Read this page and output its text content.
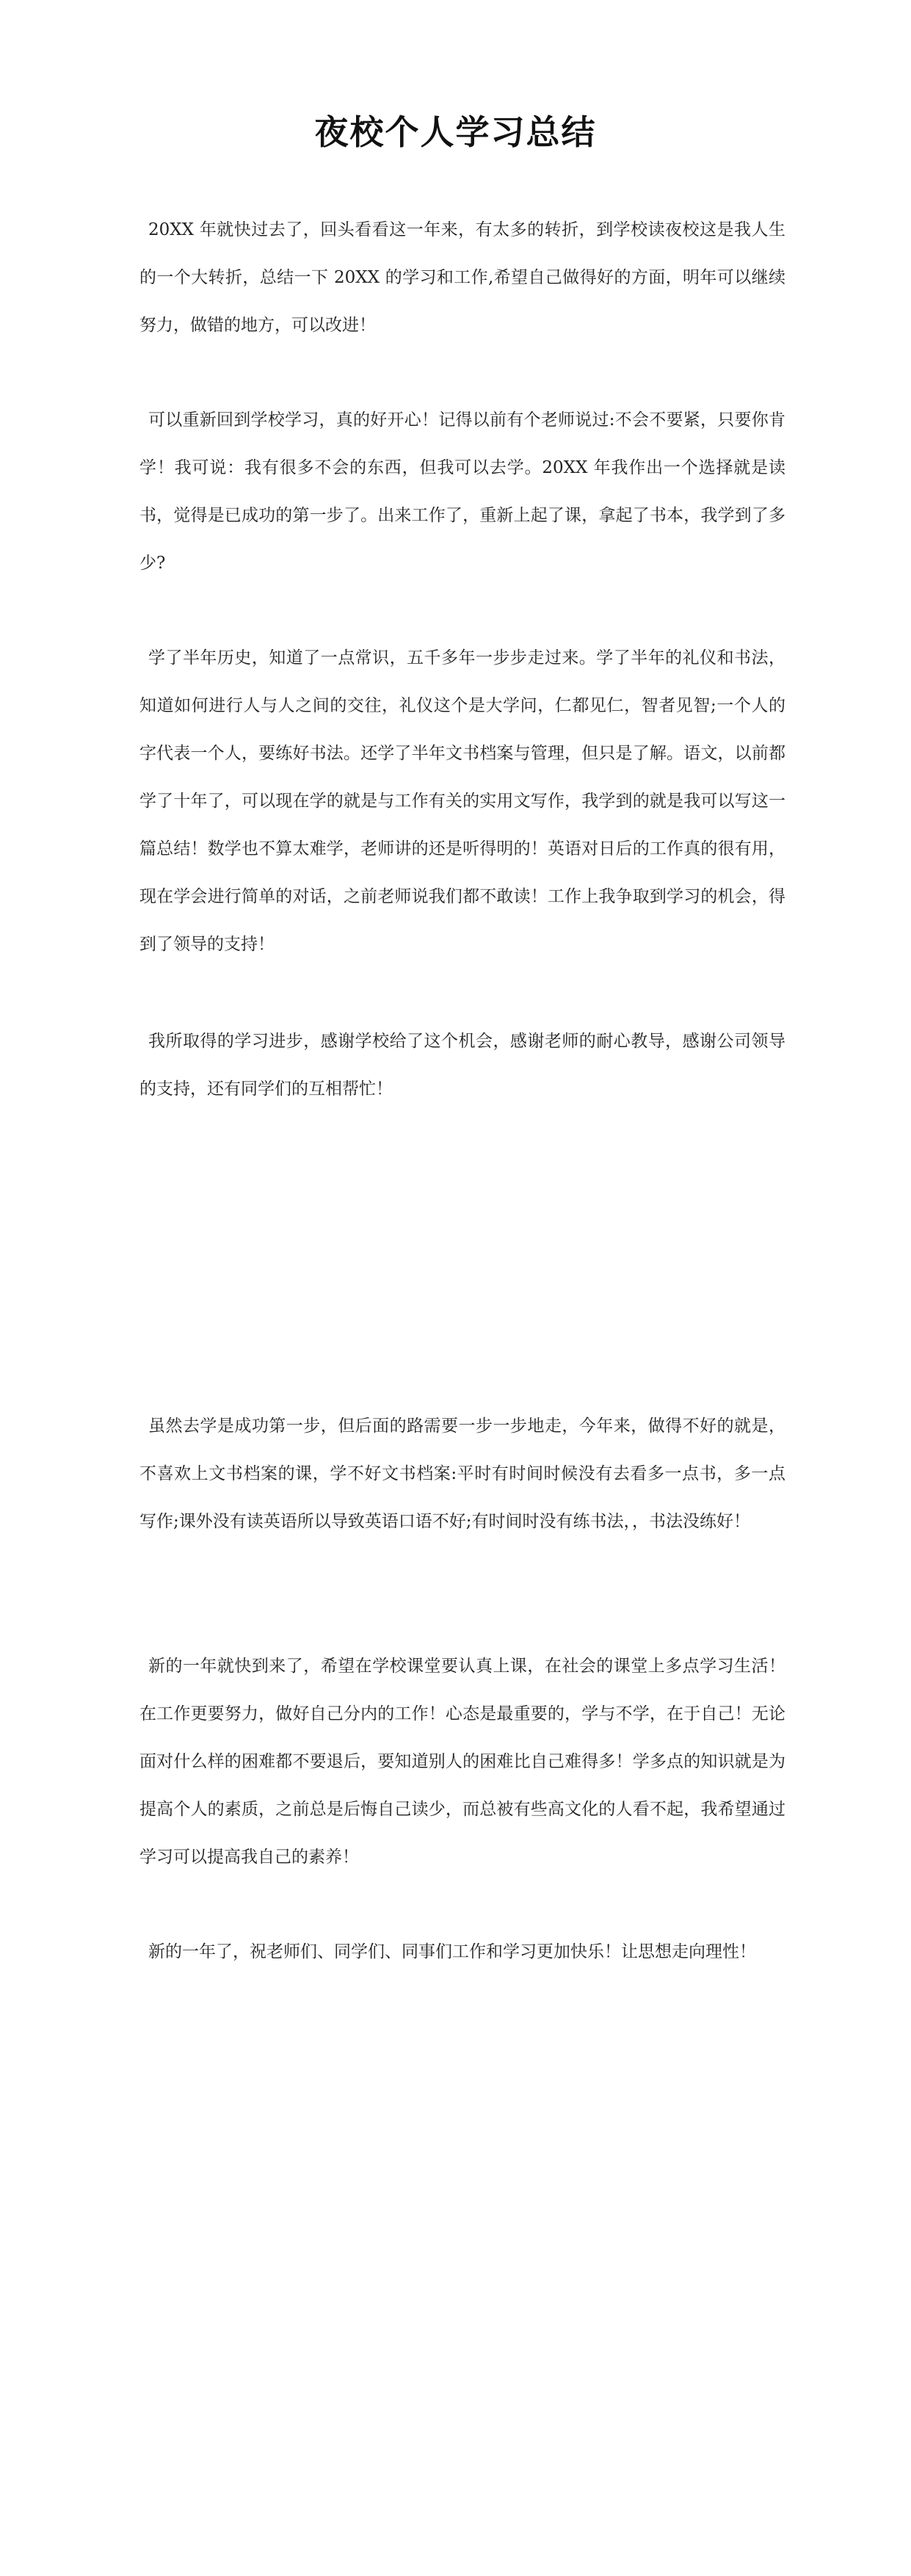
夜校个人学习总结

20XX 年就快过去了，回头看看这一年来，有太多的转折，到学校读夜校这是我人生的一个大转折，总结一下 20XX 的学习和工作,希望自己做得好的方面，明年可以继续努力，做错的地方，可以改进！

可以重新回到学校学习，真的好开心！记得以前有个老师说过:不会不要紧，只要你肯学！我可说：我有很多不会的东西，但我可以去学。20XX 年我作出一个选择就是读书，觉得是已成功的第一步了。出来工作了，重新上起了课，拿起了书本，我学到了多少?

学了半年历史，知道了一点常识，五千多年一步步走过来。学了半年的礼仪和书法，知道如何进行人与人之间的交往，礼仪这个是大学问，仁都见仁，智者见智;一个人的字代表一个人，要练好书法。还学了半年文书档案与管理，但只是了解。语文，以前都学了十年了，可以现在学的就是与工作有关的实用文写作，我学到的就是我可以写这一篇总结！数学也不算太难学，老师讲的还是听得明的！英语对日后的工作真的很有用，现在学会进行简单的对话，之前老师说我们都不敢读！工作上我争取到学习的机会，得到了领导的支持！

我所取得的学习进步，感谢学校给了这个机会，感谢老师的耐心教导，感谢公司领导的支持，还有同学们的互相帮忙！

虽然去学是成功第一步，但后面的路需要一步一步地走，今年来，做得不好的就是，不喜欢上文书档案的课，学不好文书档案:平时有时间时候没有去看多一点书，多一点写作;课外没有读英语所以导致英语口语不好;有时间时没有练书法，，书法没练好！

新的一年就快到来了，希望在学校课堂要认真上课，在社会的课堂上多点学习生活！在工作更要努力，做好自己分内的工作！心态是最重要的，学与不学，在于自己！无论面对什么样的困难都不要退后，要知道别人的困难比自己难得多！学多点的知识就是为提高个人的素质，之前总是后悔自己读少，而总被有些高文化的人看不起，我希望通过学习可以提高我自己的素养！

新的一年了，祝老师们、同学们、同事们工作和学习更加快乐！让思想走向理性！
